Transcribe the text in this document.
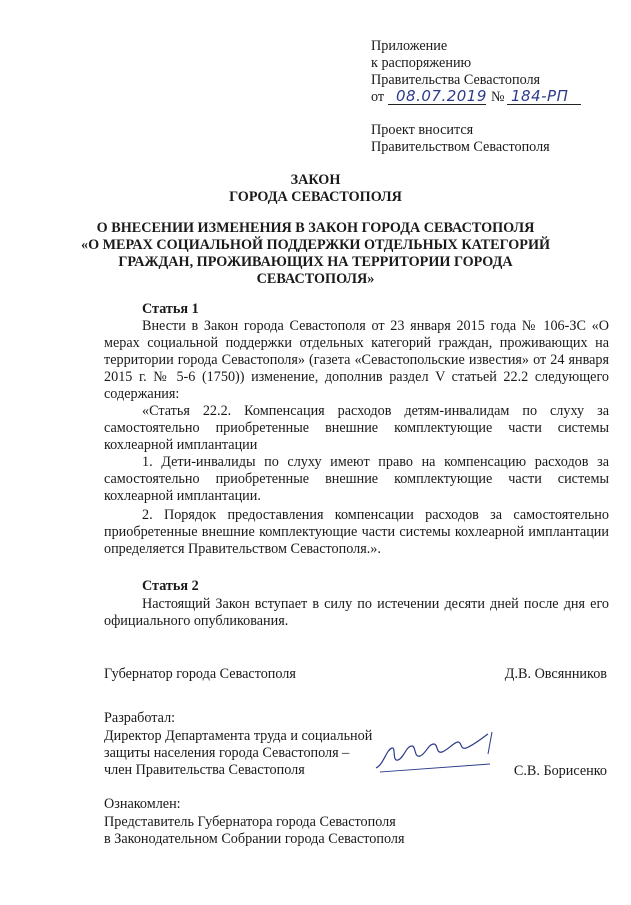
Приложение
к распоряжению
Правительства Севастополя
от 08.07.2019 № 184-РП
Проект вносится
Правительством Севастополя
ЗАКОН
ГОРОДА СЕВАСТОПОЛЯ
О ВНЕСЕНИИ ИЗМЕНЕНИЯ В ЗАКОН ГОРОДА СЕВАСТОПОЛЯ
«О МЕРАХ СОЦИАЛЬНОЙ ПОДДЕРЖКИ ОТДЕЛЬНЫХ КАТЕГОРИЙ
ГРАЖДАН, ПРОЖИВАЮЩИХ НА ТЕРРИТОРИИ ГОРОДА
СЕВАСТОПОЛЯ»
Статья 1
Внести в Закон города Севастополя от 23 января 2015 года № 106-ЗС «О мерах социальной поддержки отдельных категорий граждан, проживающих на территории города Севастополя» (газета «Севастопольские известия» от 24 января 2015 г. № 5-6 (1750)) изменение, дополнив раздел V статьей 22.2 следующего содержания:
«Статья 22.2. Компенсация расходов детям-инвалидам по слуху за самостоятельно приобретенные внешние комплектующие части системы кохлеарной имплантации
1. Дети-инвалиды по слуху имеют право на компенсацию расходов за самостоятельно приобретенные внешние комплектующие части системы кохлеарной имплантации.
2. Порядок предоставления компенсации расходов за самостоятельно приобретенные внешние комплектующие части системы кохлеарной имплантации определяется Правительством Севастополя.».
Статья 2
Настоящий Закон вступает в силу по истечении десяти дней после дня его официального опубликования.
Губернатор города Севастополя	Д.В. Овсянников
Разработал:
Директор Департамента труда и социальной
защиты населения города Севастополя –
член Правительства Севастополя	С.В. Борисенко
Ознакомлен:
Представитель Губернатора города Севастополя
в Законодательном Собрании города Севастополя
